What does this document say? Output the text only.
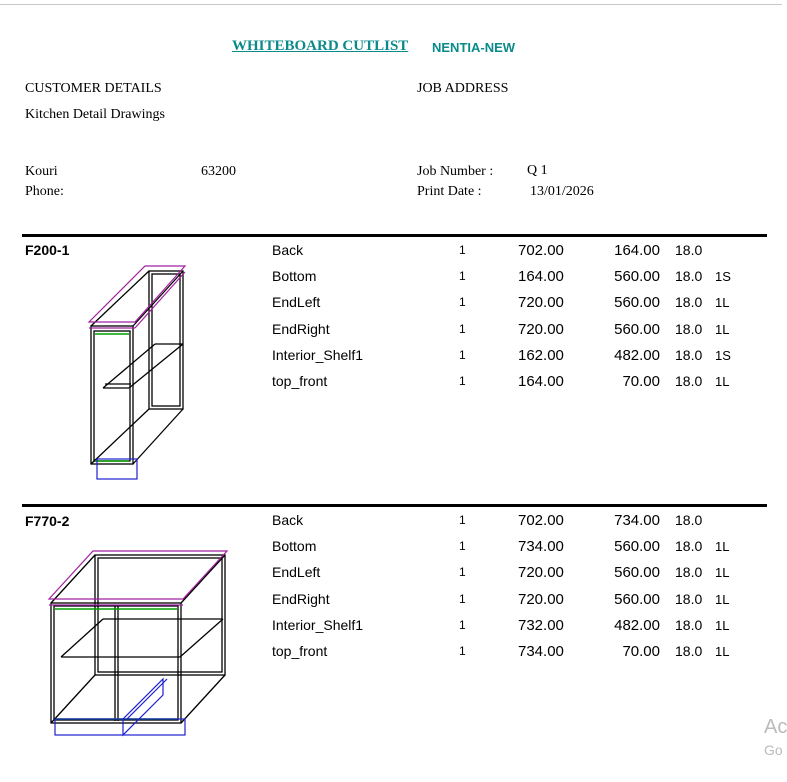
WHITEBOARD CUTLIST NENTIA-NEW
CUSTOMER DETAILS	JOB ADDRESS
Kitchen Detail Drawings
Kouri	63200
Phone:
Job Number : Q 1
Print Date :	13/01/2026
F200-1	Back	1	702.00	164.00 18.0
Bottom	1	164.00	560.00 18.0 1S
EndLeft	1	720.00	560.00 18.0 1L
EndRight	1	720.00	560.00 18.0 1L
Interior_Shelf1	1	162.00	482.00 18.0 1S
top_front	1	164.00	70.00 18.0 1L
F770-2	Back	1	702.00	734.00 18.0
Bottom	1	734.00	560.00 18.0 1L
EndLeft	1	720.00	560.00 18.0 1L
EndRight	1	720.00	560.00 18.0 1L
Interior_Shelf1	1	732.00	482.00 18.0 1L
top_front	1	734.00	70.00 18.0 1L
Ac
Go
